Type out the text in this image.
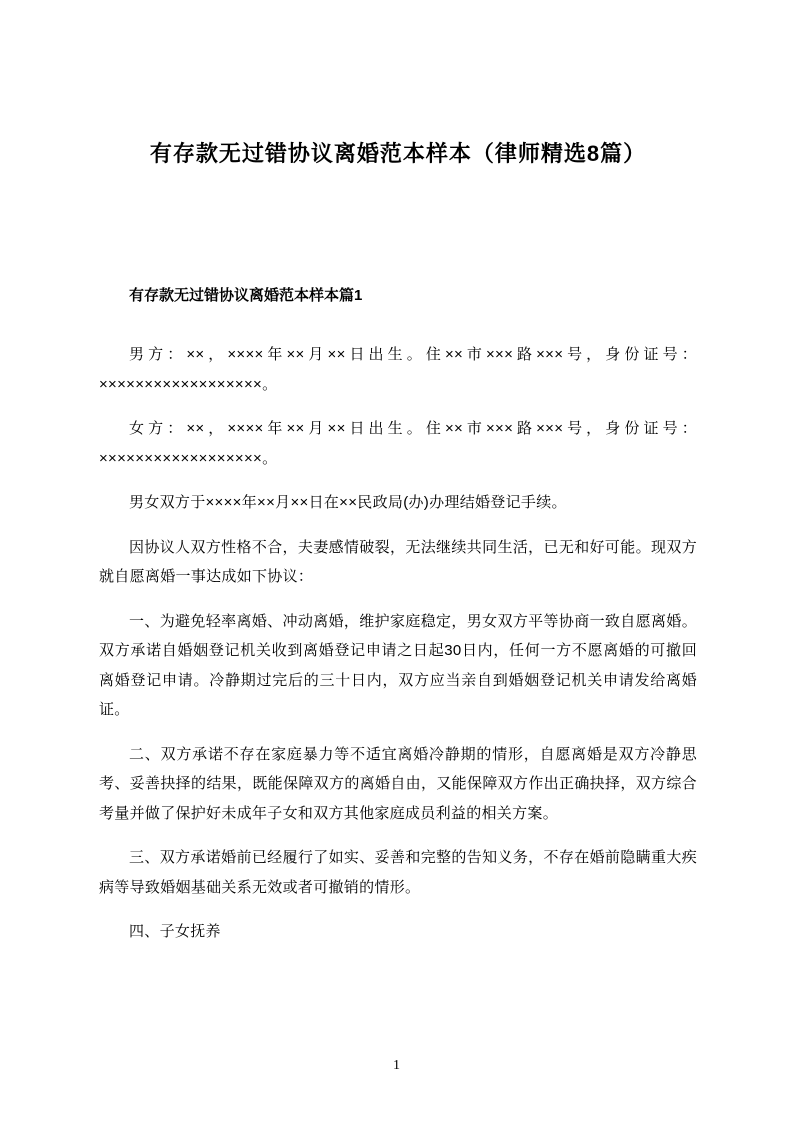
有存款无过错协议离婚范本样本（律师精选8篇）
有存款无过错协议离婚范本样本篇1

男方：××，××××年××月××日出生。住××市×××路×××号，身份证号：××××××××××××××××××。

女方：××，××××年××月××日出生。住××市×××路×××号，身份证号：××××××××××××××××××。

男女双方于××××年××月××日在××民政局(办)办理结婚登记手续。

因协议人双方性格不合，夫妻感情破裂，无法继续共同生活，已无和好可能。现双方就自愿离婚一事达成如下协议：

一、为避免轻率离婚、冲动离婚，维护家庭稳定，男女双方平等协商一致自愿离婚。双方承诺自婚姻登记机关收到离婚登记申请之日起30日内，任何一方不愿离婚的可撤回离婚登记申请。冷静期过完后的三十日内，双方应当亲自到婚姻登记机关申请发给离婚证。

二、双方承诺不存在家庭暴力等不适宜离婚冷静期的情形，自愿离婚是双方冷静思考、妥善抉择的结果，既能保障双方的离婚自由，又能保障双方作出正确抉择，双方综合考量并做了保护好未成年子女和双方其他家庭成员利益的相关方案。

三、双方承诺婚前已经履行了如实、妥善和完整的告知义务，不存在婚前隐瞒重大疾病等导致婚姻基础关系无效或者可撤销的情形。

四、子女抚养

1
